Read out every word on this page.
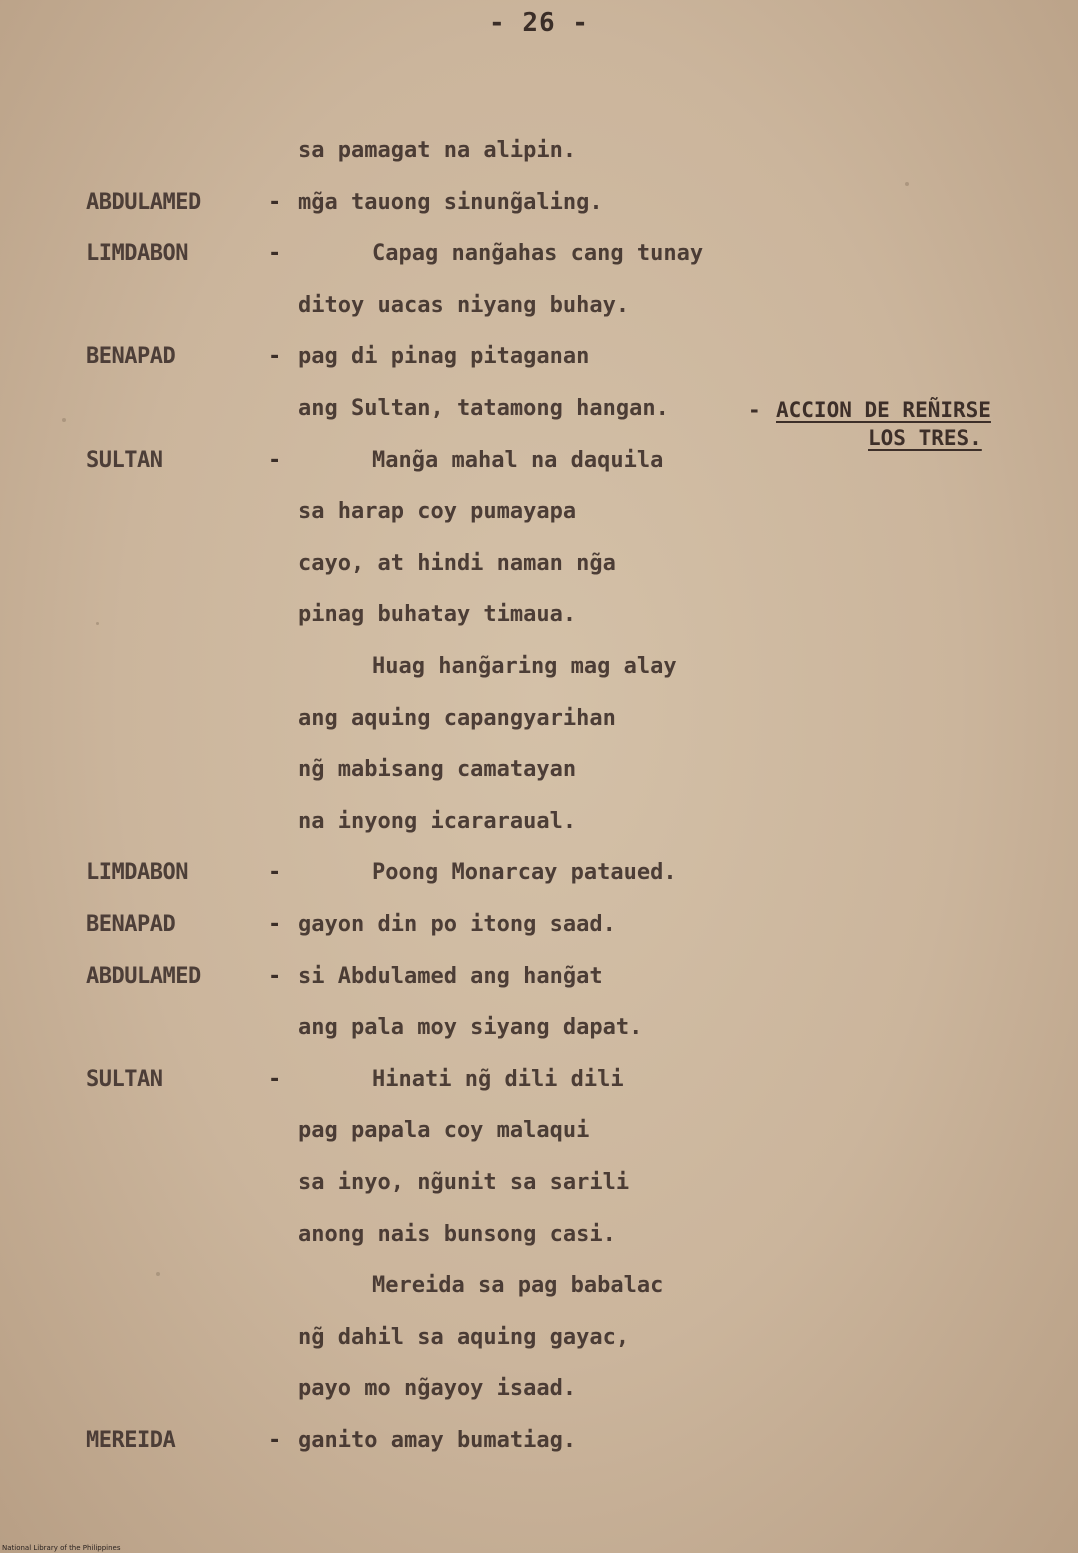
- 26 -
sa pamagat na alipin.
ABDULAMED	- mg̃a tauong sinung̃aling.
LIMDABON	-	Capag nang̃ahas cang tunay
ditoy uacas niyang buhay.
BENAPAD	- pag di pinag pitaganan
ang Sultan, tatamong hangan.
SULTAN	-	Mang̃a mahal na daquila
sa harap coy pumayapa
cayo, at hindi naman ng̃a
pinag buhatay timaua.
Huag hang̃aring mag alay
ang aquing capangyarihan
ng̃ mabisang camatayan
na inyong icararaual.
LIMDABON	-	Poong Monarcay pataued.
BENAPAD	- gayon din po itong saad.
ABDULAMED	- si Abdulamed ang hang̃at
ang pala moy siyang dapat.
SULTAN	-	Hinati ng̃ dili dili
pag papala coy malaqui
sa inyo, ng̃unit sa sarili
anong nais bunsong casi.
Mereida sa pag babalac
ng̃ dahil sa aquing gayac,
payo mo ng̃ayoy isaad.
MEREIDA	- ganito amay bumatiag.
- ACCION DE REÑIRSE
LOS TRES.
National Library of the Philippines
